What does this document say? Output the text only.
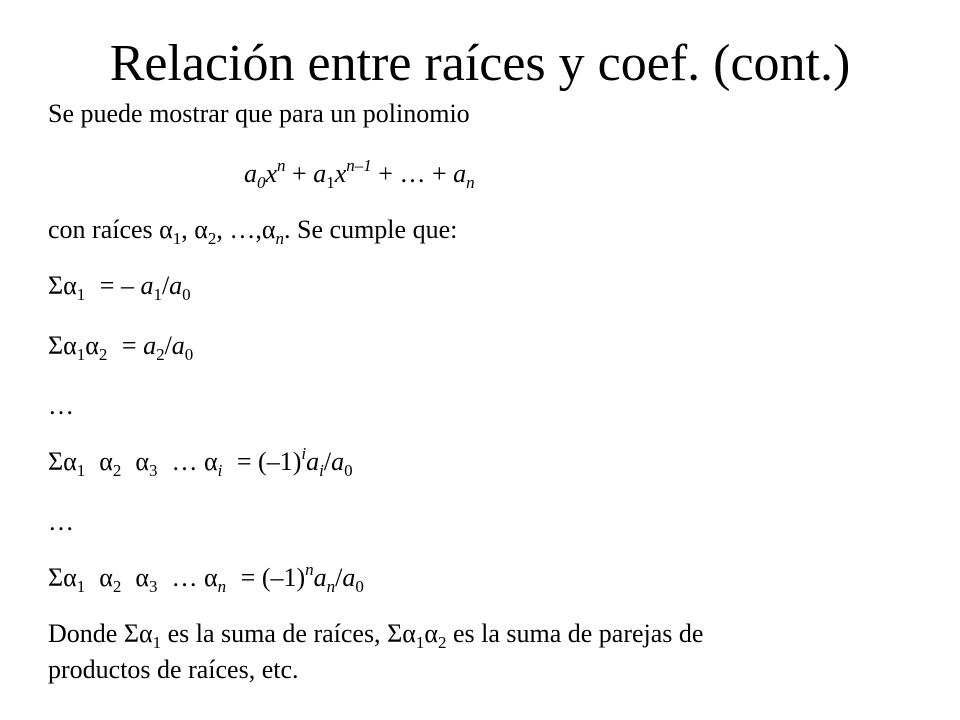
Relación entre raíces y coef. (cont.)
Se puede mostrar que para un polinomio
$a_0x^n + a_1x^{n-1}$ + … + $a_n$
con raíces $\alpha_1$, $\alpha_2$, $\dots,\alpha_n$. Se cumple que:
$\Sigma\alpha_1$ = – $a_1/a_0$
$\Sigma\alpha_1\alpha_2 = a_2/a_0$
…
$\Sigma\alpha_1$ $\alpha_2$ $\alpha_3$ … $\alpha_i = (-1)^ia_i/a_0$
…
$\Sigma\alpha_1$ $\alpha_2$ $\alpha_3$ … $\alpha_n = (-1)^na_n/a_0$
Donde $\Sigma\alpha_1$ es la suma de raíces, $\Sigma\alpha_1\alpha_2$ es la suma de parejas de
productos de raíces, etc.
